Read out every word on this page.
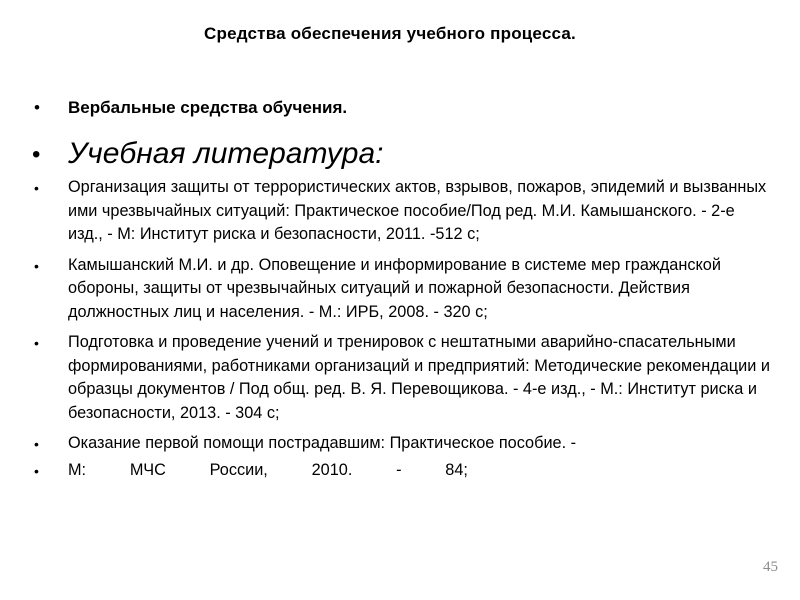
Средства обеспечения учебного процесса.
• Вербальные средства обучения.
• Учебная литература:
• Организация защиты от террористических актов, взрывов, пожаров, эпидемий и вызванных ими чрезвычайных ситуаций: Практическое пособие/Под ред. М.И. Камышанского. - 2-е изд., - М: Институт риска и безопасности, 2011. -512 с;
• Камышанский М.И. и др. Оповещение и информирование в системе мер гражданской обороны, защиты от чрезвычайных ситуаций и пожарной безопасности. Действия должностных лиц и населения. - М.: ИРБ, 2008. - 320 с;
• Подготовка и проведение учений и тренировок с нештатными аварийно-спасательными формированиями, работниками организаций и предприятий: Методические рекомендации и образцы документов / Под общ. ред. В. Я. Перевощикова. - 4-е изд., - М.: Институт риска и безопасности, 2013. - 304 с;
• Оказание первой помощи пострадавшим: Практическое пособие. -
• М:	МЧС	России,	2010.	-	84;
45
